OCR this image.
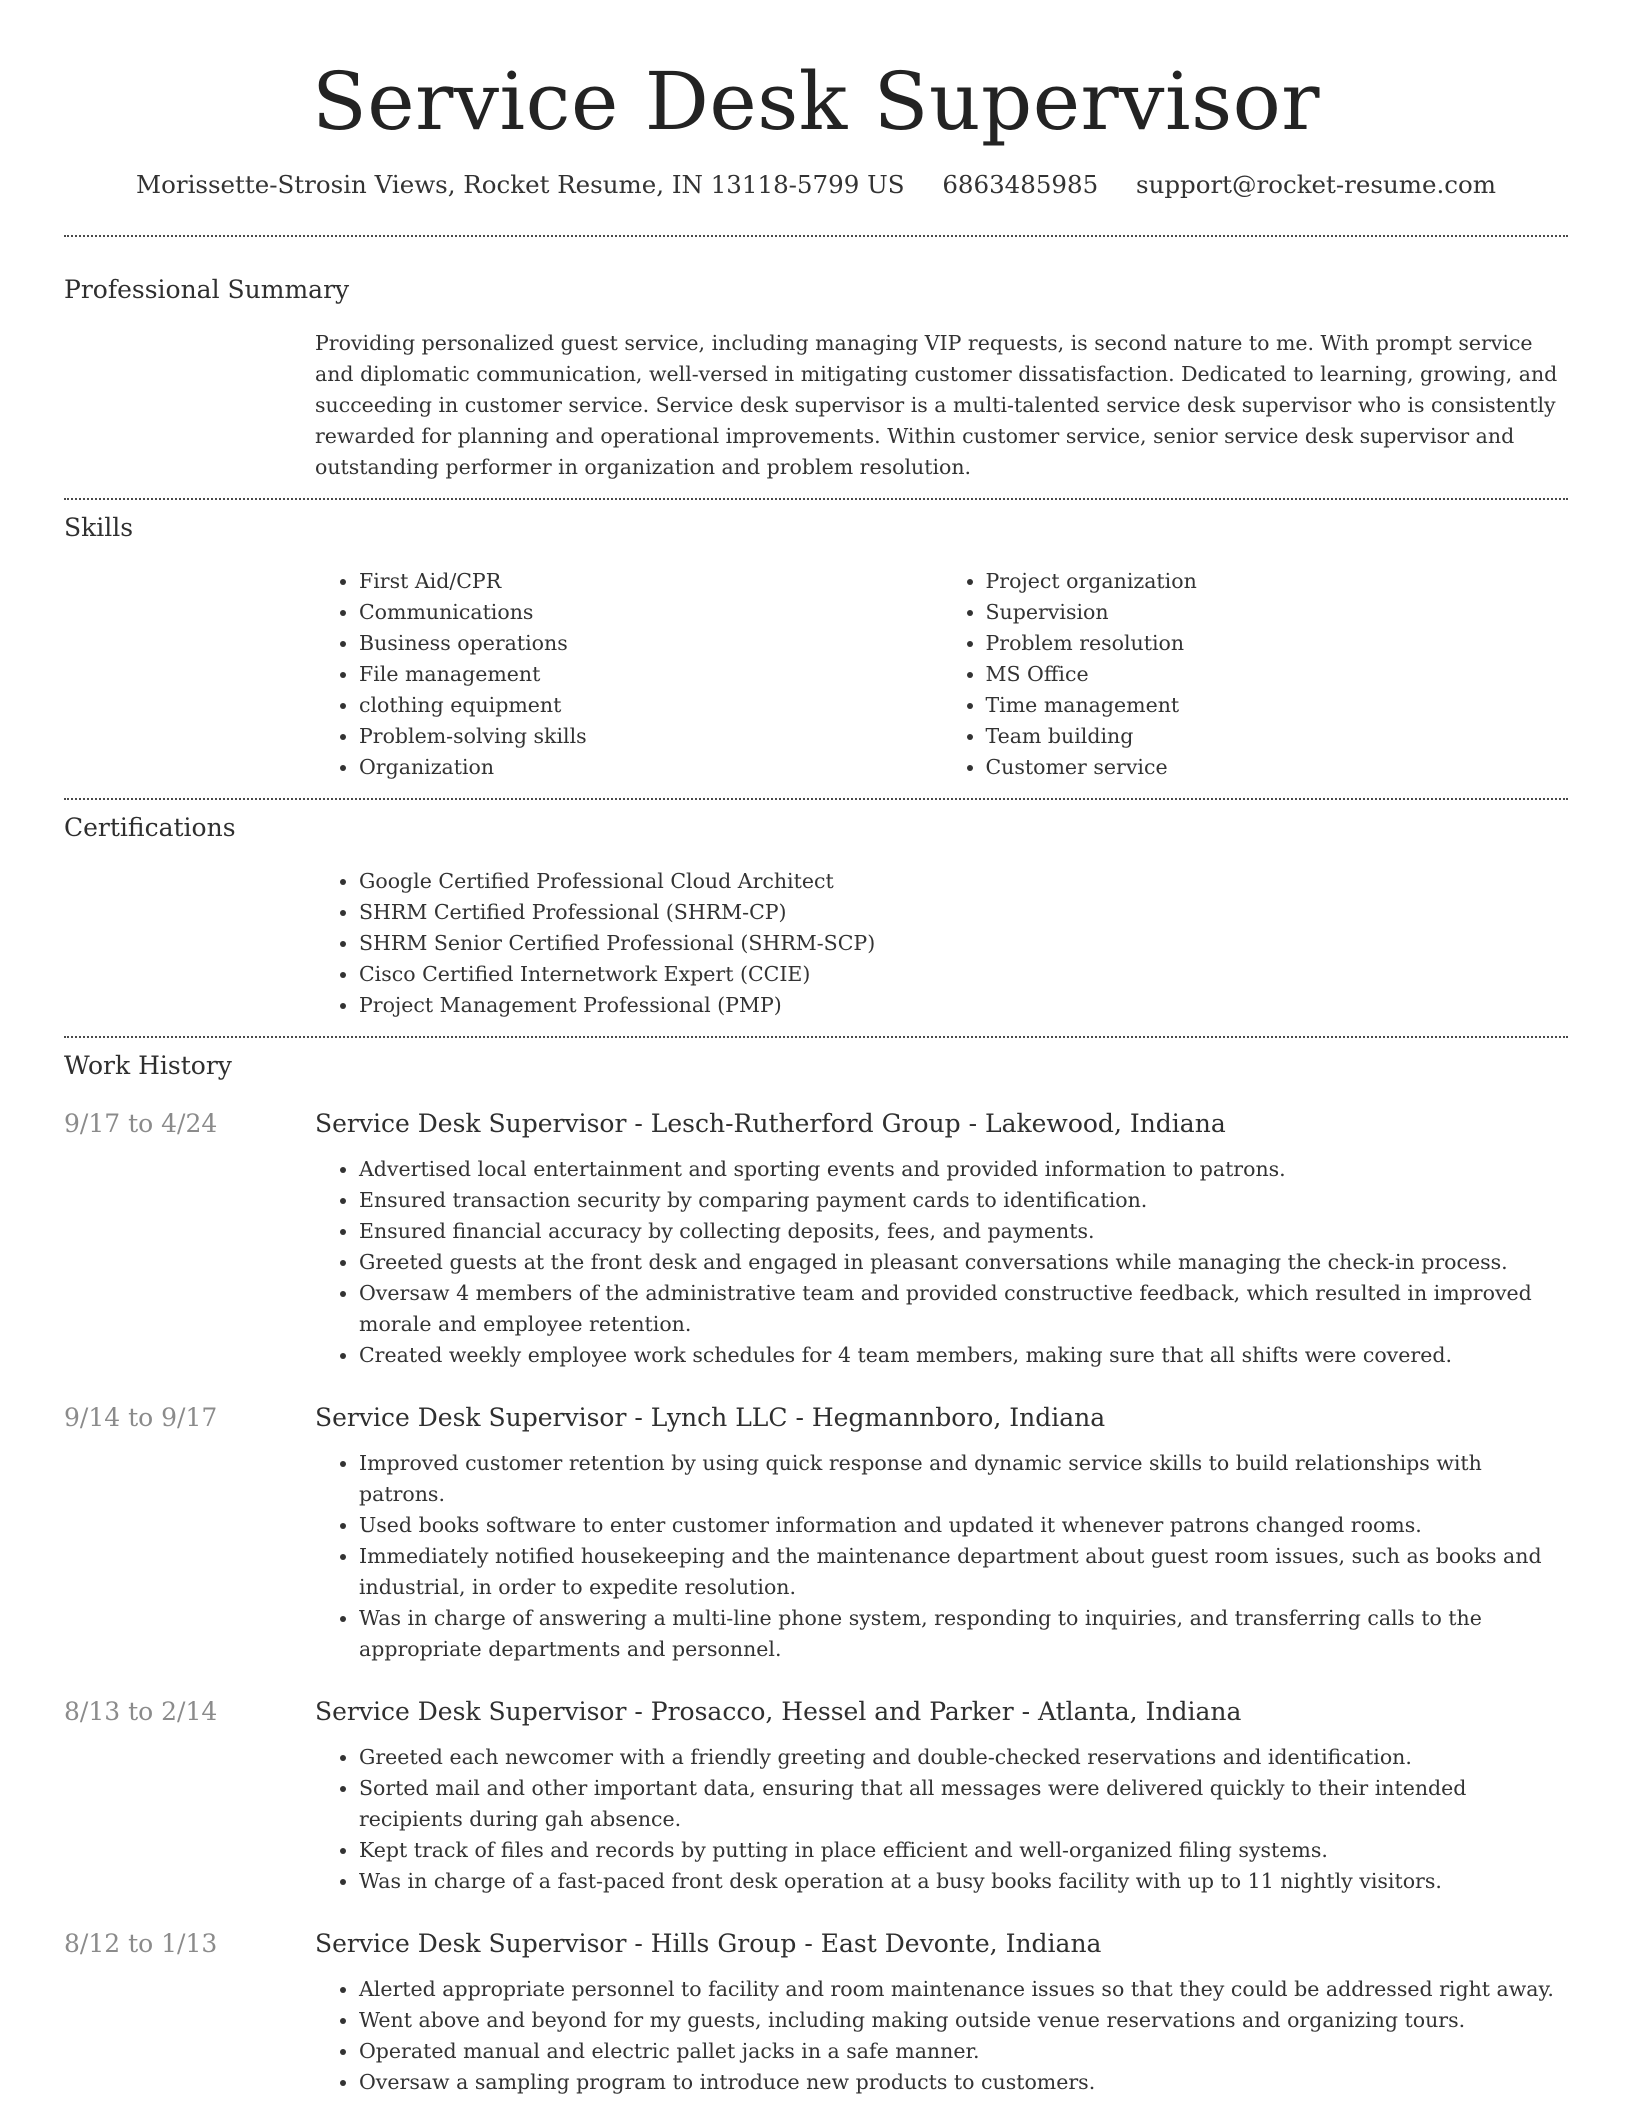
Service Desk Supervisor
Morissette-Strosin Views, Rocket Resume, IN 13118-5799 US 6863485985 support@rocket-resume.com
Professional Summary

Providing personalized guest service, including managing VIP requests, is second nature to me. With prompt service and diplomatic communication, well-versed in mitigating customer dissatisfaction. Dedicated to learning, growing, and succeeding in customer service. Service desk supervisor is a multi-talented service desk supervisor who is consistently rewarded for planning and operational improvements. Within customer service, senior service desk supervisor and outstanding performer in organization and problem resolution.

Skills
• First Aid/CPR
• Communications
• Business operations
• File management
• clothing equipment
• Problem-solving skills
• Organization
• Project organization
• Supervision
• Problem resolution
• MS Office
• Time management
• Team building
• Customer service
Certifications
• Google Certified Professional Cloud Architect
• SHRM Certified Professional (SHRM-CP)
• SHRM Senior Certified Professional (SHRM-SCP)
• Cisco Certified Internetwork Expert (CCIE)
• Project Management Professional (PMP)
Work History
9/17 to 4/24	Service Desk Supervisor - Lesch-Rutherford Group - Lakewood, Indiana
• Advertised local entertainment and sporting events and provided information to patrons.
• Ensured transaction security by comparing payment cards to identification.
• Ensured financial accuracy by collecting deposits, fees, and payments.
• Greeted guests at the front desk and engaged in pleasant conversations while managing the check-in process.
• Oversaw 4 members of the administrative team and provided constructive feedback, which resulted in improved morale and employee retention.
• Created weekly employee work schedules for 4 team members, making sure that all shifts were covered.
9/14 to 9/17	Service Desk Supervisor - Lynch LLC - Hegmannboro, Indiana
• Improved customer retention by using quick response and dynamic service skills to build relationships with patrons.
• Used books software to enter customer information and updated it whenever patrons changed rooms.
• Immediately notified housekeeping and the maintenance department about guest room issues, such as books and industrial, in order to expedite resolution.
• Was in charge of answering a multi-line phone system, responding to inquiries, and transferring calls to the appropriate departments and personnel.
8/13 to 2/14	Service Desk Supervisor - Prosacco, Hessel and Parker - Atlanta, Indiana
• Greeted each newcomer with a friendly greeting and double-checked reservations and identification.
• Sorted mail and other important data, ensuring that all messages were delivered quickly to their intended recipients during gah absence.
• Kept track of files and records by putting in place efficient and well-organized filing systems.
• Was in charge of a fast-paced front desk operation at a busy books facility with up to 11 nightly visitors.
8/12 to 1/13	Service Desk Supervisor - Hills Group - East Devonte, Indiana
• Alerted appropriate personnel to facility and room maintenance issues so that they could be addressed right away.
• Went above and beyond for my guests, including making outside venue reservations and organizing tours.
• Operated manual and electric pallet jacks in a safe manner.
• Oversaw a sampling program to introduce new products to customers.
